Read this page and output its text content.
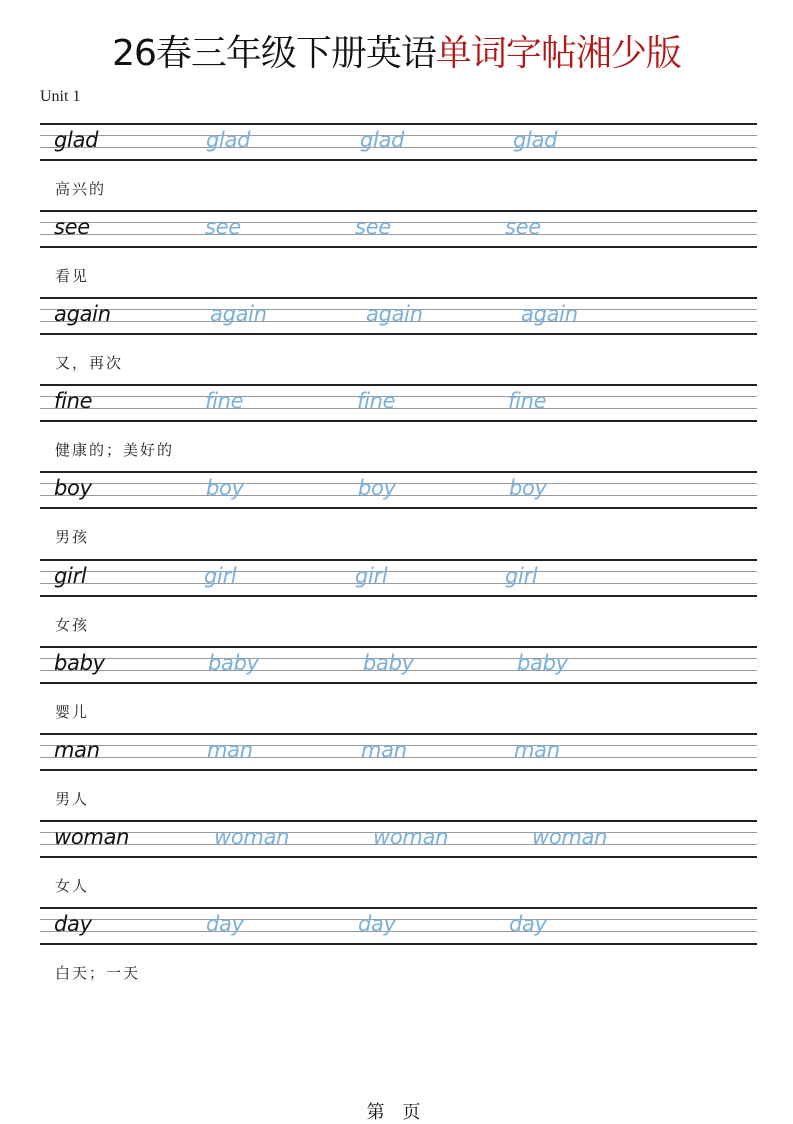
26春三年级下册英语单词字帖湘少版
Unit 1
glad	glad	glad	glad
高兴的
see	see	see	see
看见
again	again	again	again
又，再次
fine	fine	fine	fine
健康的；美好的
boy	boy	boy	boy
男孩
girl	girl	girl	girl
女孩
baby	baby	baby	baby
婴儿
man	man	man	man
男人
woman	woman	woman	woman
女人
day	day	day	day
白天；一天
第 页
